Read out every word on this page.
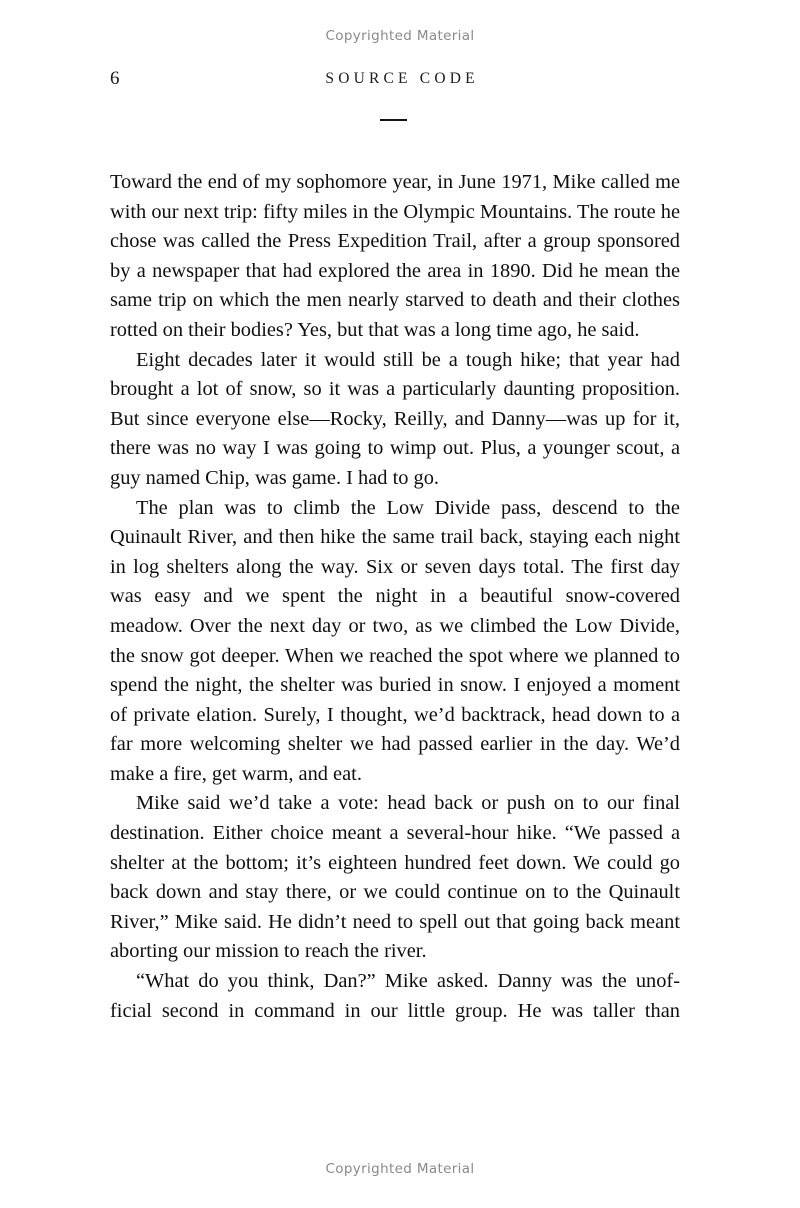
Copyrighted Material
6	SOURCE CODE

Toward the end of my sophomore year, in June 1971, Mike called me with our next trip: fifty miles in the Olympic Mountains. The route he chose was called the Press Expedition Trail, after a group sponsored by a newspaper that had explored the area in 1890. Did he mean the same trip on which the men nearly starved to death and their clothes rotted on their bodies? Yes, but that was a long time ago, he said.

Eight decades later it would still be a tough hike; that year had brought a lot of snow, so it was a particularly daunting proposition. But since everyone else—Rocky, Reilly, and Danny—was up for it, there was no way I was going to wimp out. Plus, a younger scout, a guy named Chip, was game. I had to go.

The plan was to climb the Low Divide pass, descend to the Quinault River, and then hike the same trail back, staying each night in log shelters along the way. Six or seven days total. The first day was easy and we spent the night in a beautiful snow-covered meadow. Over the next day or two, as we climbed the Low Divide, the snow got deeper. When we reached the spot where we planned to spend the night, the shelter was buried in snow. I enjoyed a moment of private elation. Surely, I thought, we’d backtrack, head down to a far more welcoming shelter we had passed earlier in the day. We’d make a fire, get warm, and eat.

Mike said we’d take a vote: head back or push on to our final destination. Either choice meant a several-hour hike. “We passed a shelter at the bottom; it’s eighteen hundred feet down. We could go back down and stay there, or we could continue on to the Quinault River,” Mike said. He didn’t need to spell out that going back meant aborting our mission to reach the river.

“What do you think, Dan?” Mike asked. Danny was the unof-ficial second in command in our little group. He was taller than

Copyrighted Material
